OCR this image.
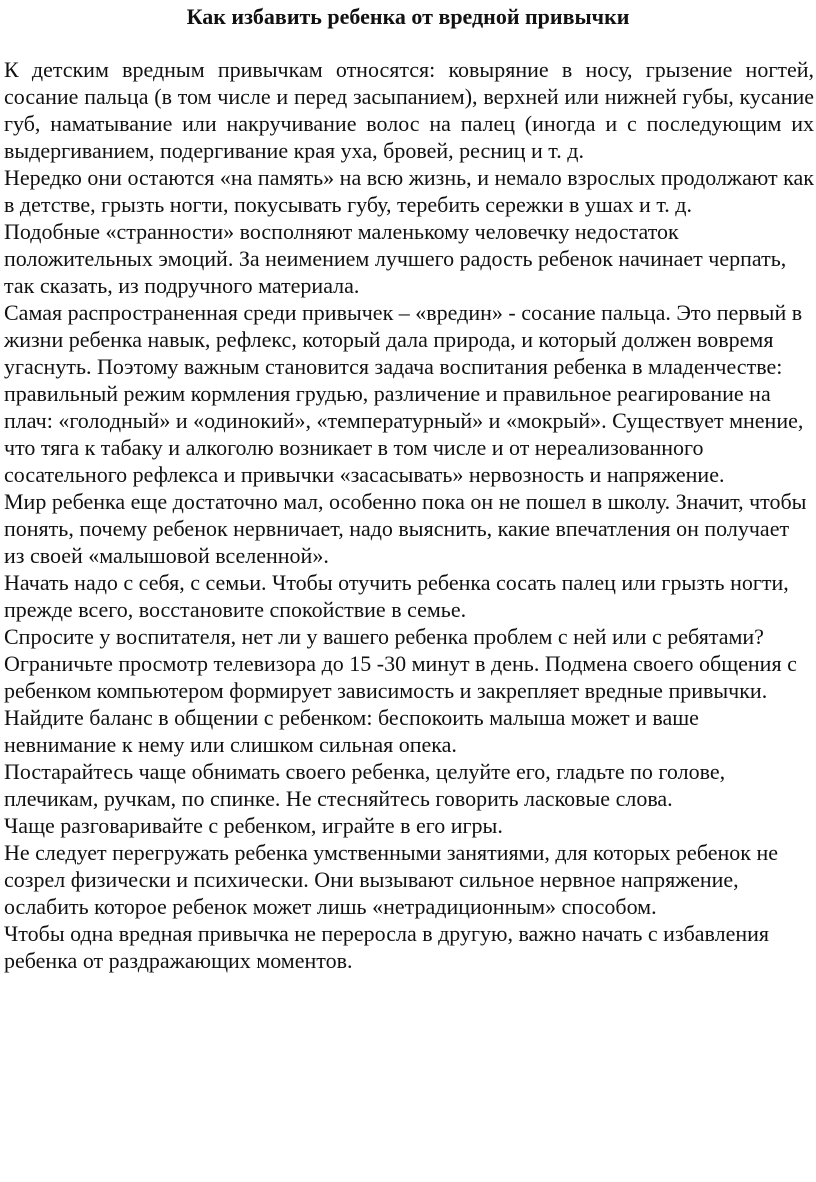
Как избавить ребенка от вредной привычки

К детским вредным привычкам относятся: ковыряние в носу, грызение ногтей, сосание пальца (в том числе и перед засыпанием), верхней или нижней губы, кусание губ, наматывание или накручивание волос на палец (иногда и с последующим их выдергиванием, подергивание края уха, бровей, ресниц и т. д.

Нередко они остаются «на память» на всю жизнь, и немало взрослых продолжают как в детстве, грызть ногти, покусывать губу, теребить сережки в ушах и т. д.

Подобные «странности» восполняют маленькому человечку недостаток положительных эмоций. За неимением лучшего радость ребенок начинает черпать, так сказать, из подручного материала.

Самая распространенная среди привычек – «вредин» - сосание пальца. Это первый в жизни ребенка навык, рефлекс, который дала природа, и который должен вовремя угаснуть. Поэтому важным становится задача воспитания ребенка в младенчестве: правильный режим кормления грудью, различение и правильное реагирование на плач: «голодный» и «одинокий», «температурный» и «мокрый». Существует мнение, что тяга к табаку и алкоголю возникает в том числе и от нереализованного сосательного рефлекса и привычки «засасывать» нервозность и напряжение.

Мир ребенка еще достаточно мал, особенно пока он не пошел в школу. Значит, чтобы понять, почему ребенок нервничает, надо выяснить, какие впечатления он получает из своей «малышовой вселенной».

Начать надо с себя, с семьи. Чтобы отучить ребенка сосать палец или грызть ногти, прежде всего, восстановите спокойствие в семье.

Спросите у воспитателя, нет ли у вашего ребенка проблем с ней или с ребятами?

Ограничьте просмотр телевизора до 15 -30 минут в день. Подмена своего общения с ребенком компьютером формирует зависимость и закрепляет вредные привычки.

Найдите баланс в общении с ребенком: беспокоить малыша может и ваше невнимание к нему или слишком сильная опека.

Постарайтесь чаще обнимать своего ребенка, целуйте его, гладьте по голове, плечикам, ручкам, по спинке. Не стесняйтесь говорить ласковые слова.

Чаще разговаривайте с ребенком, играйте в его игры.

Не следует перегружать ребенка умственными занятиями, для которых ребенок не созрел физически и психически. Они вызывают сильное нервное напряжение, ослабить которое ребенок может лишь «нетрадиционным» способом.

Чтобы одна вредная привычка не переросла в другую, важно начать с избавления ребенка от раздражающих моментов.
